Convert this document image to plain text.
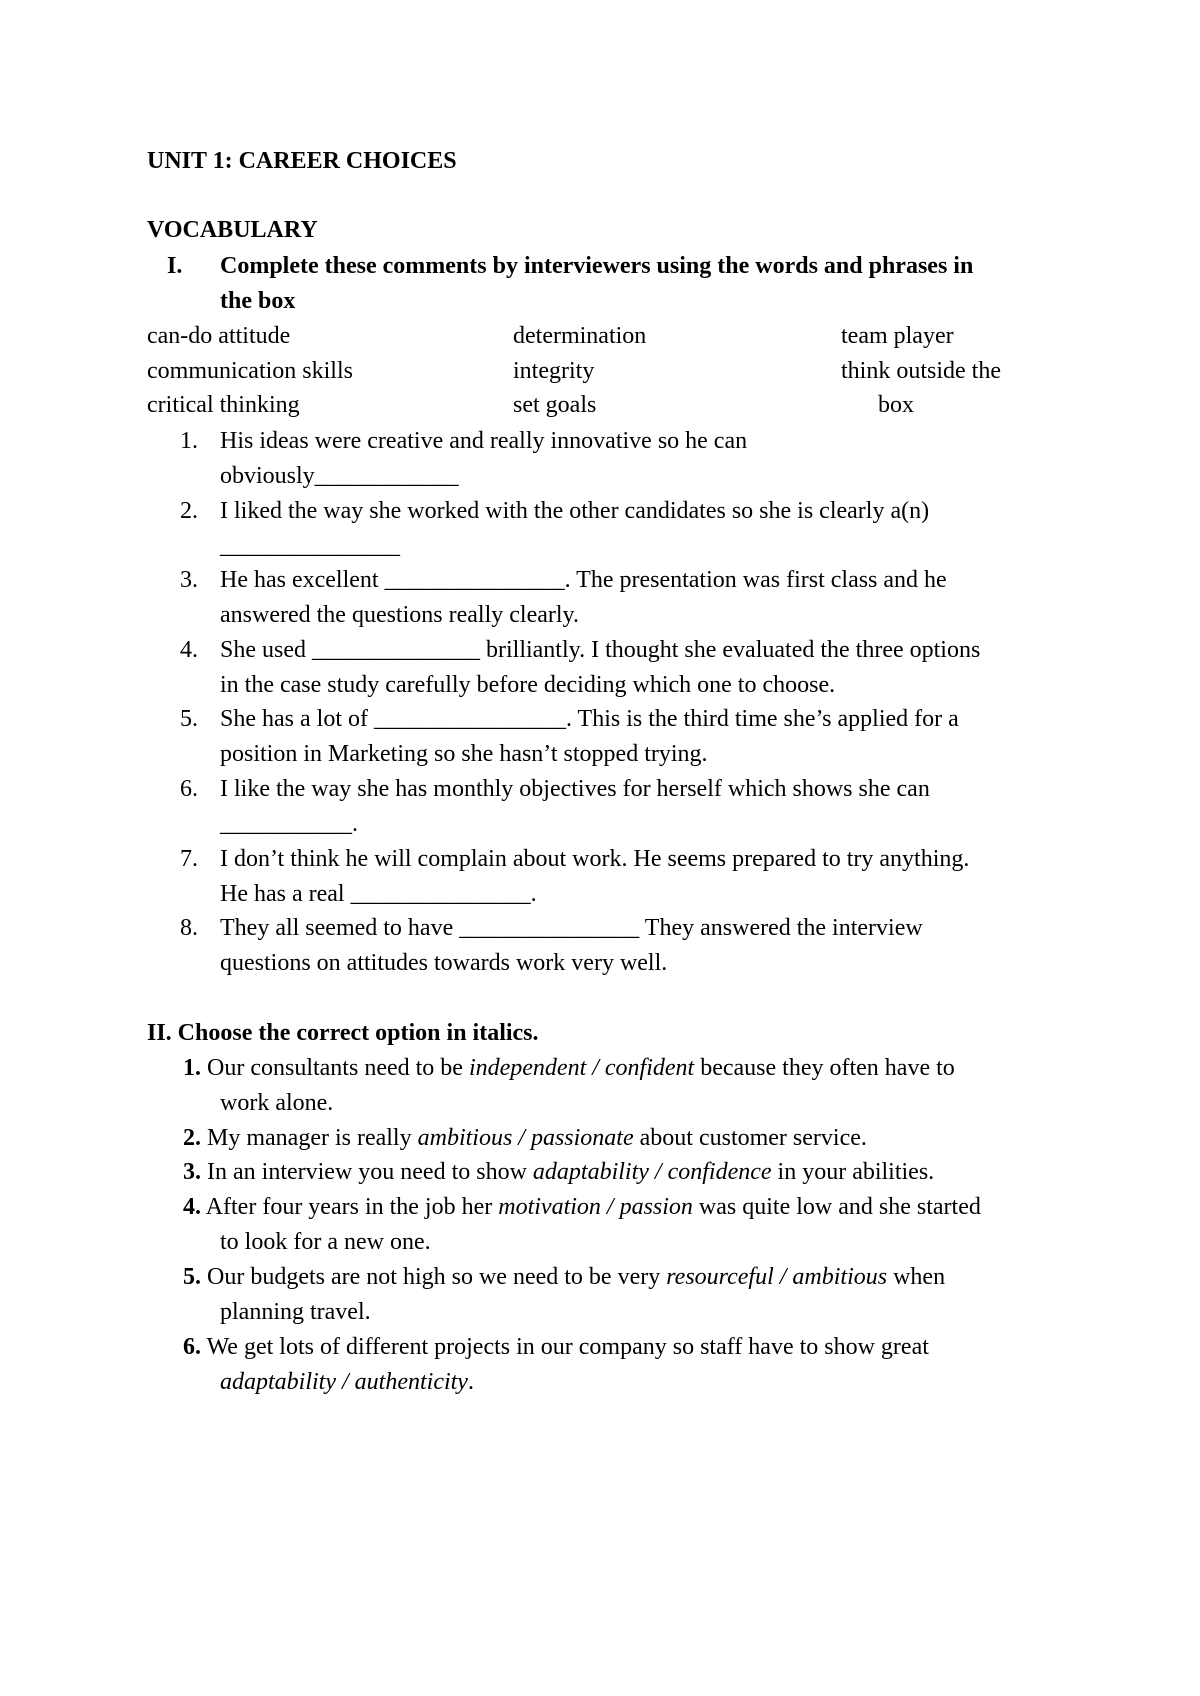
UNIT 1: CAREER CHOICES
VOCABULARY
I. Complete these comments by interviewers using the words and phrases in
the box
can-do attitude
communication skills
critical thinking
determination
integrity
set goals
team player
think outside the
box
1. His ideas were creative and really innovative so he can
obviously____________
2. I liked the way she worked with the other candidates so she is clearly a(n)
_______________
3. He has excellent _______________. The presentation was first class and he
answered the questions really clearly.
4. She used ______________ brilliantly. I thought she evaluated the three options
in the case study carefully before deciding which one to choose.
5. She has a lot of ________________. This is the third time she’s applied for a
position in Marketing so she hasn’t stopped trying.
6. I like the way she has monthly objectives for herself which shows she can
___________.
7. I don’t think he will complain about work. He seems prepared to try anything.
He has a real _______________.
8. They all seemed to have _______________ They answered the interview
questions on attitudes towards work very well.
II. Choose the correct option in italics.
1. Our consultants need to be independent / confident because they often have to
work alone.
2. My manager is really ambitious / passionate about customer service.
3. In an interview you need to show adaptability / confidence in your abilities.
4. After four years in the job her motivation / passion was quite low and she started
to look for a new one.
5. Our budgets are not high so we need to be very resourceful / ambitious when
planning travel.
6. We get lots of different projects in our company so staff have to show great
adaptability / authenticity.
